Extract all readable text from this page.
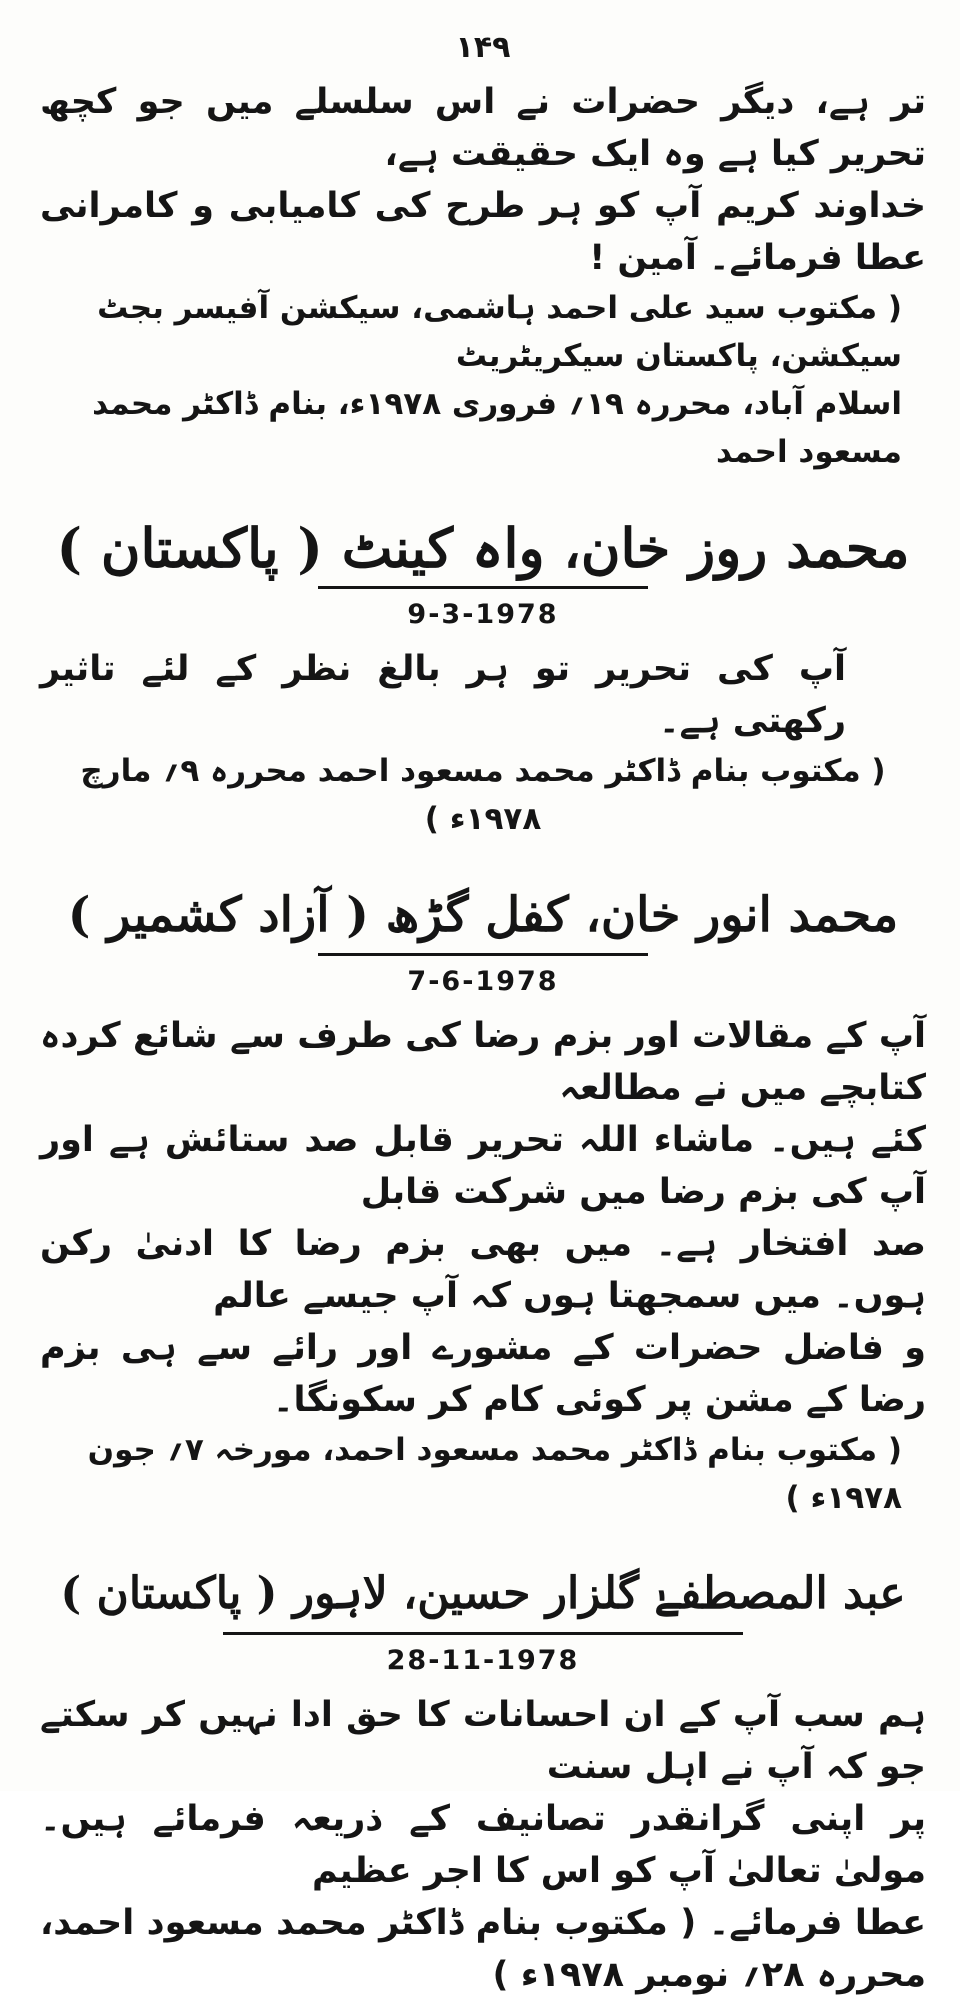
۱۴۹

تر ہے، دیگر حضرات نے اس سلسلے میں جو کچھ تحریر کیا ہے وہ ایک حقیقت ہے،

خداوند کریم آپ کو ہر طرح کی کامیابی و کامرانی عطا فرمائے۔ آمین !

( مکتوب سید علی احمد ہاشمی، سیکشن آفیسر بجٹ سیکشن، پاکستان سیکریٹریٹ

اسلام آباد، محررہ ۱۹؍ فروری ۱۹۷۸ء، بنام ڈاکٹر محمد مسعود احمد

محمد روز خان، واہ کینٹ ( پاکستان )
9-3-1978

آپ کی تحریر تو ہر بالغ نظر کے لئے تاثیر رکھتی ہے۔

( مکتوب بنام ڈاکٹر محمد مسعود احمد محررہ ۹؍ مارچ ۱۹۷۸ء )

محمد انور خان، کفل گڑھ ( آزاد کشمیر )
7-6-1978

آپ کے مقالات اور بزم رضا کی طرف سے شائع کردہ کتابچے میں نے مطالعہ

کئے ہیں۔ ماشاء اللہ تحریر قابل صد ستائش ہے اور آپ کی بزم رضا میں شرکت قابل

صد افتخار ہے۔ میں بھی بزم رضا کا ادنیٰ رکن ہوں۔ میں سمجھتا ہوں کہ آپ جیسے عالم

و فاضل حضرات کے مشورے اور رائے سے ہی بزم رضا کے مشن پر کوئی کام کر سکونگا۔

( مکتوب بنام ڈاکٹر محمد مسعود احمد، مورخہ ۷؍ جون ۱۹۷۸ء )

عبد المصطفےٰ گلزار حسین، لاہور ( پاکستان )
28-11-1978

ہم سب آپ کے ان احسانات کا حق ادا نہیں کر سکتے جو کہ آپ نے اہل سنت

پر اپنی گرانقدر تصانیف کے ذریعہ فرمائے ہیں۔ مولیٰ تعالیٰ آپ کو اس کا اجر عظیم

عطا فرمائے۔ ( مکتوب بنام ڈاکٹر محمد مسعود احمد، محررہ ۲۸؍ نومبر ۱۹۷۸ء )
